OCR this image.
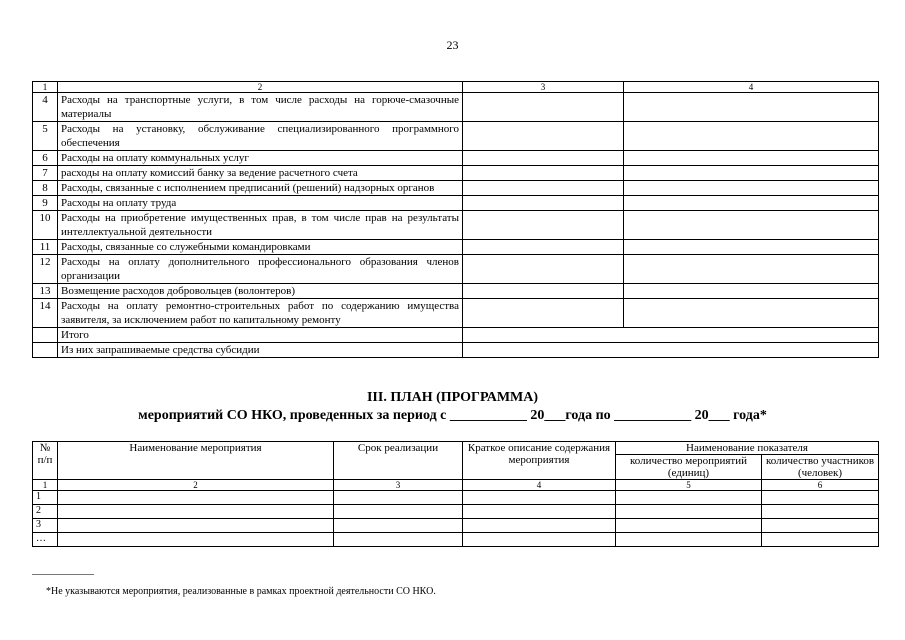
23
1	2	3	4
4	Расходы на транспортные услуги, в том числе расходы на горюче-смазочные материалы		
5	Расходы на установку, обслуживание специализированного программного обеспечения		
6	Расходы на оплату коммунальных услуг		
7	расходы на оплату комиссий банку за ведение расчетного счета		
8	Расходы, связанные с исполнением предписаний (решений) надзорных органов		
9	Расходы на оплату труда		
10	Расходы на приобретение имущественных прав, в том числе прав на результаты интеллектуальной деятельности		
11	Расходы, связанные со служебными командировками		
12	Расходы на оплату дополнительного профессионального образования членов организации		
13	Возмещение расходов добровольцев (волонтеров)		
14	Расходы на оплату ремонтно-строительных работ по содержанию имущества заявителя, за исключением работ по капитальному ремонту		
	Итого		
	Из них запрашиваемые средства субсидии		
III. ПЛАН (ПРОГРАММА)
мероприятий СО НКО, проведенных за период с ___________ 20___года по ___________ 20___ года*
№ п/п	Наименование мероприятия	Срок реализации	Краткое описание содержания мероприятия	Наименование показателя	
				количество мероприятий (единиц)	количество участников (человек)
1	2	3	4	5	6
1					
2					
3					
…					
*Не указываются мероприятия, реализованные в рамках проектной деятельности СО НКО.
